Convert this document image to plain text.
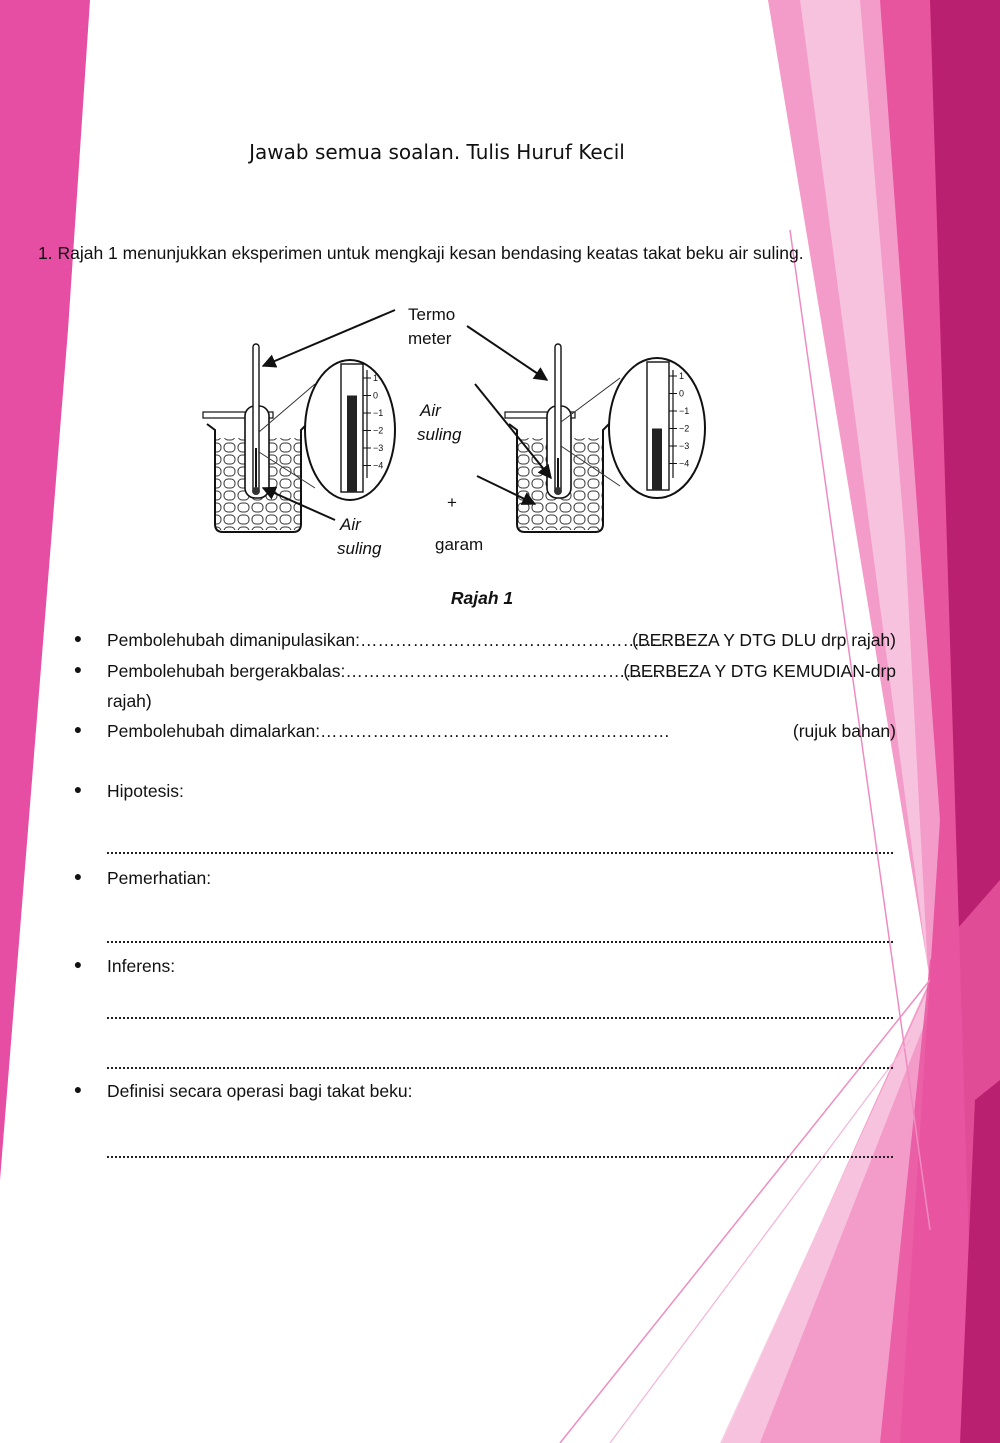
Jawab semua soalan. Tulis Huruf Kecil
1. Rajah 1 menunjukkan eksperimen untuk mengkaji kesan bendasing keatas takat beku air suling.
1
0
−1
−2
−3
−4
1
0
−1
−2
−3
−4
Termo
meter
Air
suling
+
garam
Air
suling
Rajah 1
● Pembolehubah dimanipulasikan:…………………………………………………
(BERBEZA Y DTG DLU drp rajah)
● Pembolehubah bergerakbalas:……………………………………………………
(BERBEZA Y DTG KEMUDIAN-drp
rajah)
● Pembolehubah dimalarkan:……………………………………………………	(rujuk bahan)
● Hipotesis:
● Pemerhatian:
● Inferens:
● Definisi secara operasi bagi takat beku:
